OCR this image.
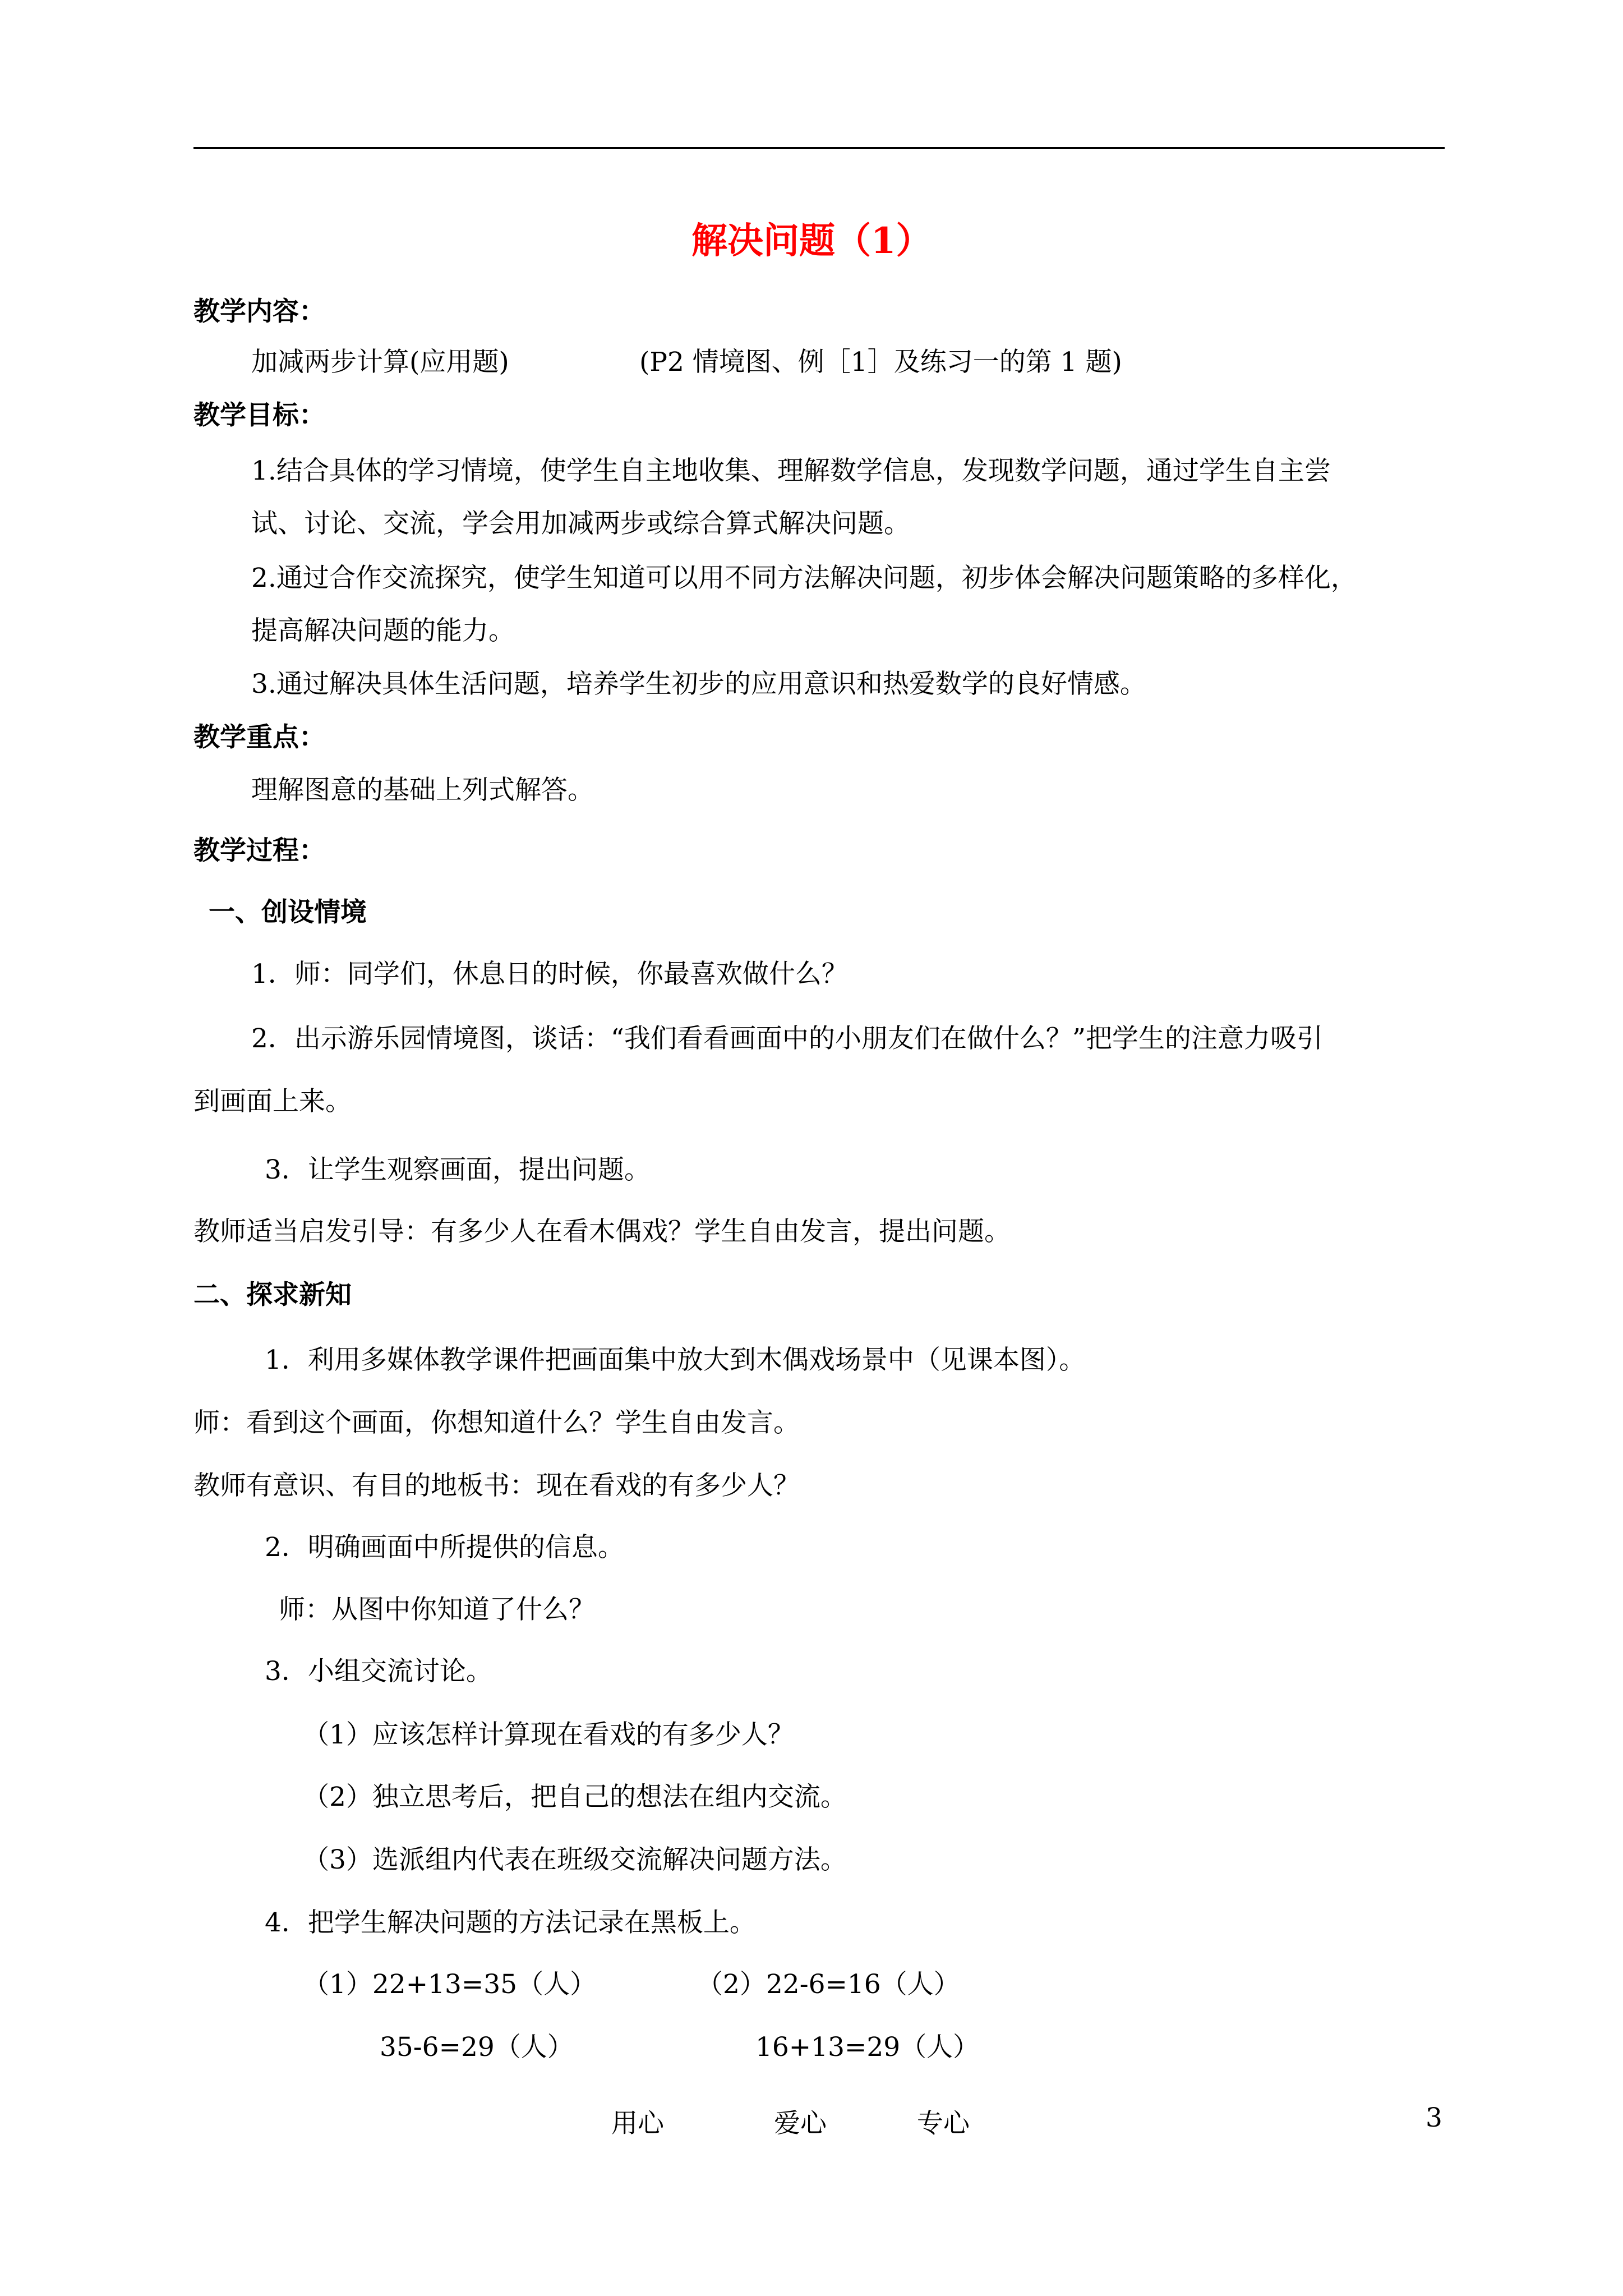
解决问题（1）
教学内容：
加减两步计算(应用题)	(P2 情境图、例［1］及练习一的第 1 题)
教学目标：
1.结合具体的学习情境，使学生自主地收集、理解数学信息，发现数学问题，通过学生自主尝
试、讨论、交流，学会用加减两步或综合算式解决问题。
2.通过合作交流探究，使学生知道可以用不同方法解决问题，初步体会解决问题策略的多样化，
提高解决问题的能力。
3.通过解决具体生活问题，培养学生初步的应用意识和热爱数学的良好情感。
教学重点：
理解图意的基础上列式解答。
教学过程：
一、创设情境
1．师：同学们，休息日的时候，你最喜欢做什么？
2．出示游乐园情境图，谈话：“我们看看画面中的小朋友们在做什么？”把学生的注意力吸引
到画面上来。
3．让学生观察画面，提出问题。
教师适当启发引导：有多少人在看木偶戏？学生自由发言，提出问题。
二、探求新知
1．利用多媒体教学课件把画面集中放大到木偶戏场景中（见课本图）。
师：看到这个画面，你想知道什么？学生自由发言。
教师有意识、有目的地板书：现在看戏的有多少人？
2．明确画面中所提供的信息。
师：从图中你知道了什么？
3．小组交流讨论。
（1）应该怎样计算现在看戏的有多少人？
（2）独立思考后，把自己的想法在组内交流。
（3）选派组内代表在班级交流解决问题方法。
4．把学生解决问题的方法记录在黑板上。
（1）22+13=35（人）
35-6=29（人）
（2）22-6=16（人）
16+13=29（人）
用心	爱心	专心	3
